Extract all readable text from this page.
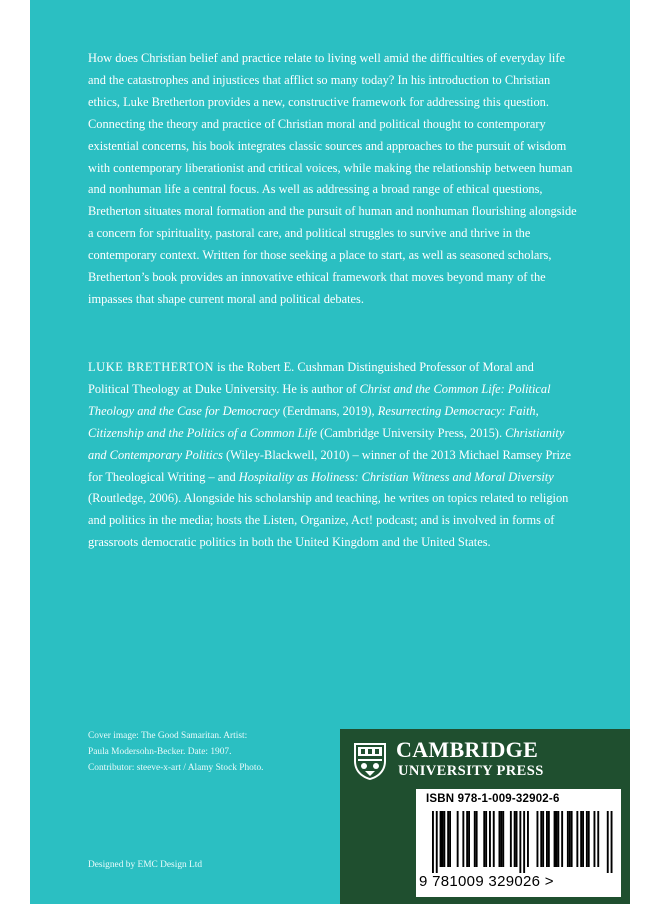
How does Christian belief and practice relate to living well amid the difficulties of everyday life and the catastrophes and injustices that afflict so many today? In his introduction to Christian ethics, Luke Bretherton provides a new, constructive framework for addressing this question. Connecting the theory and practice of Christian moral and political thought to contemporary existential concerns, his book integrates classic sources and approaches to the pursuit of wisdom with contemporary liberationist and critical voices, while making the relationship between human and nonhuman life a central focus. As well as addressing a broad range of ethical questions, Bretherton situates moral formation and the pursuit of human and nonhuman flourishing alongside a concern for spirituality, pastoral care, and political struggles to survive and thrive in the contemporary context. Written for those seeking a place to start, as well as seasoned scholars, Bretherton’s book provides an innovative ethical framework that moves beyond many of the impasses that shape current moral and political debates.
LUKE BRETHERTON is the Robert E. Cushman Distinguished Professor of Moral and Political Theology at Duke University. He is author of Christ and the Common Life: Political Theology and the Case for Democracy (Eerdmans, 2019), Resurrecting Democracy: Faith, Citizenship and the Politics of a Common Life (Cambridge University Press, 2015). Christianity and Contemporary Politics (Wiley-Blackwell, 2010) – winner of the 2013 Michael Ramsey Prize for Theological Writing – and Hospitality as Holiness: Christian Witness and Moral Diversity (Routledge, 2006). Alongside his scholarship and teaching, he writes on topics related to religion and politics in the media; hosts the Listen, Organize, Act! podcast; and is involved in forms of grassroots democratic politics in both the United Kingdom and the United States.
Cover image: The Good Samaritan. Artist:
Paula Modersohn-Becker. Date: 1907.
Contributor: steeve-x-art / Alamy Stock Photo.
Designed by EMC Design Ltd
CAMBRIDGE
UNIVERSITY PRESS
ISBN 978-1-009-32902-6
9 781009 329026 >
